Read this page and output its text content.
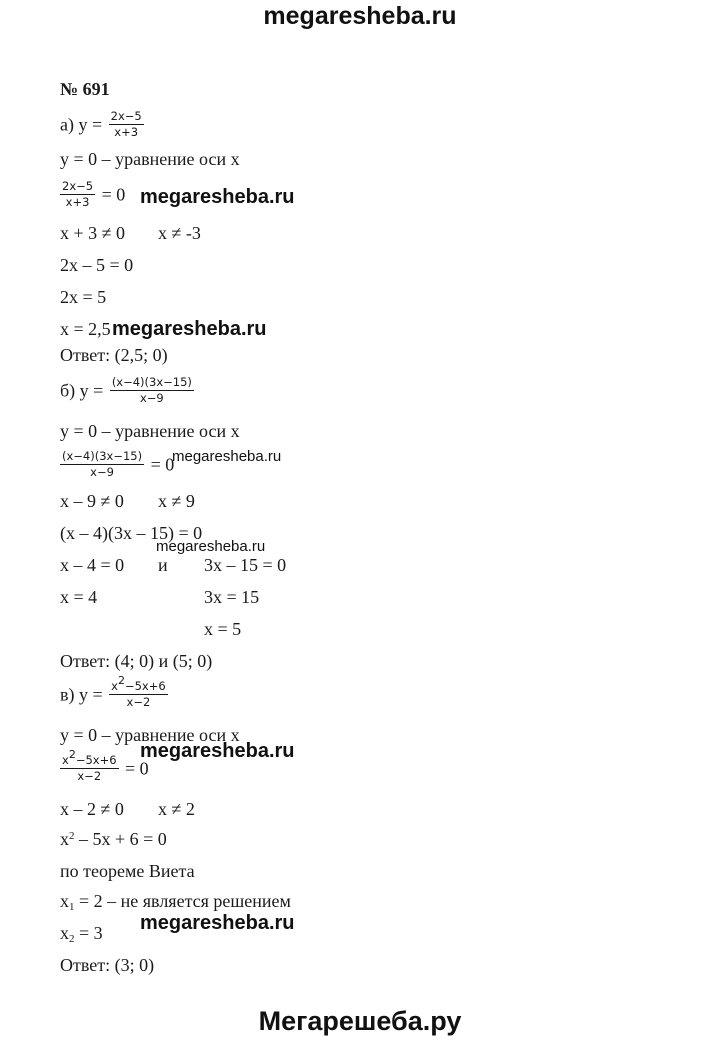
megaresheba.ru
№ 691
а) $y = \frac{2x-5}{x+3}$
y = 0 – уравнение оси x
$\frac{2x-5}{x+3} = 0$ megaresheba.ru
x + 3 ≠ 0 x ≠ -3
2x – 5 = 0
2x = 5
x = 2,5 megaresheba.ru
Ответ: (2,5; 0)
б) $y = \frac{(x-4)(3x-15)}{x-9}$
y = 0 – уравнение оси x
$\frac{(x-4)(3x-15)}{x-9} = 0$
megaresheba.ru
x – 9 ≠ 0 x ≠ 9
(x – 4)(3x – 15) = 0
megaresheba.ru
x – 4 = 0 и 3x – 15 = 0
x = 4	3x = 15
x = 5
Ответ: (4; 0) и (5; 0)
в) $y = \frac{x^2-5x+6}{x-2}$
y = 0 – уравнение оси x
megaresheba.ru
$\frac{x^2-5x+6}{x-2} = 0$
x – 2 ≠ 0 x ≠ 2
$x^2 - 5x + 6 = 0$
по теореме Виета
$x_1 = 2$ – не является решением
megaresheba.ru
$x_2 = 3$
Ответ: (3; 0)
Мегарешеба.ру
